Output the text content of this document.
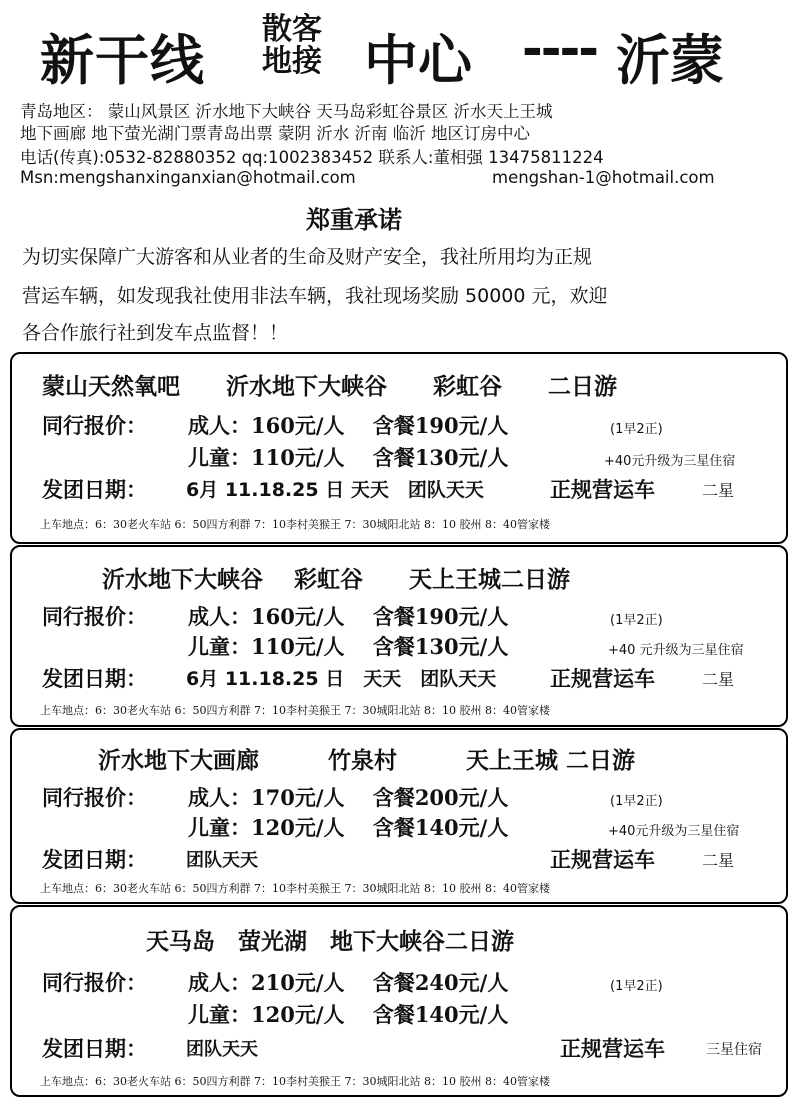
新干线 散客
地接 中心 ---- 沂蒙
青岛地区： 蒙山风景区 沂水地下大峡谷 天马岛彩虹谷景区 沂水天上王城
地下画廊 地下萤光湖门票青岛出票 蒙阴 沂水 沂南 临沂 地区订房中心
电话(传真):0532-82880352 qq:1002383452 联系人:董相强 13475811224
Msn:mengshanxinganxian@hotmail.com	mengshan-1@hotmail.com
郑重承诺
为切实保障广大游客和从业者的生命及财产安全，我社所用均为正规
营运车辆，如发现我社使用非法车辆，我社现场奖励 50000 元，欢迎
各合作旅行社到发车点监督！！
蒙山天然氧吧　　沂水地下大峡谷　　彩虹谷　　二日游
同行报价： 成人：160元/人　 含餐190元/人	(1早2正)
儿童：110元/人　 含餐130元/人	+40元升级为三星住宿
发团日期： 6月 11.18.25 日 天天　团队天天	正规营运车	二星
上车地点：6：30老火车站 6：50四方利群 7：10李村美猴王 7：30城阳北站 8：10 胶州 8：40管家楼
沂水地下大峡谷　 彩虹谷　　天上王城二日游
同行报价： 成人：160元/人　 含餐190元/人	(1早2正)
儿童：110元/人　 含餐130元/人	+40 元升级为三星住宿
发团日期： 6月 11.18.25 日　天天　团队天天	正规营运车	二星
上车地点：6：30老火车站 6：50四方利群 7：10李村美猴王 7：30城阳北站 8：10 胶州 8：40管家楼
沂水地下大画廊　　　竹泉村　　　天上王城 二日游
同行报价： 成人：170元/人　 含餐200元/人	(1早2正)
儿童：120元/人　 含餐140元/人	+40元升级为三星住宿
发团日期： 团队天天	正规营运车	二星
上车地点：6：30老火车站 6：50四方利群 7：10李村美猴王 7：30城阳北站 8：10 胶州 8：40管家楼
天马岛　萤光湖　地下大峡谷二日游
同行报价： 成人：210元/人　 含餐240元/人	(1早2正)
儿童：120元/人　 含餐140元/人
发团日期： 团队天天	正规营运车	三星住宿
上车地点：6：30老火车站 6：50四方利群 7：10李村美猴王 7：30城阳北站 8：10 胶州 8：40管家楼
